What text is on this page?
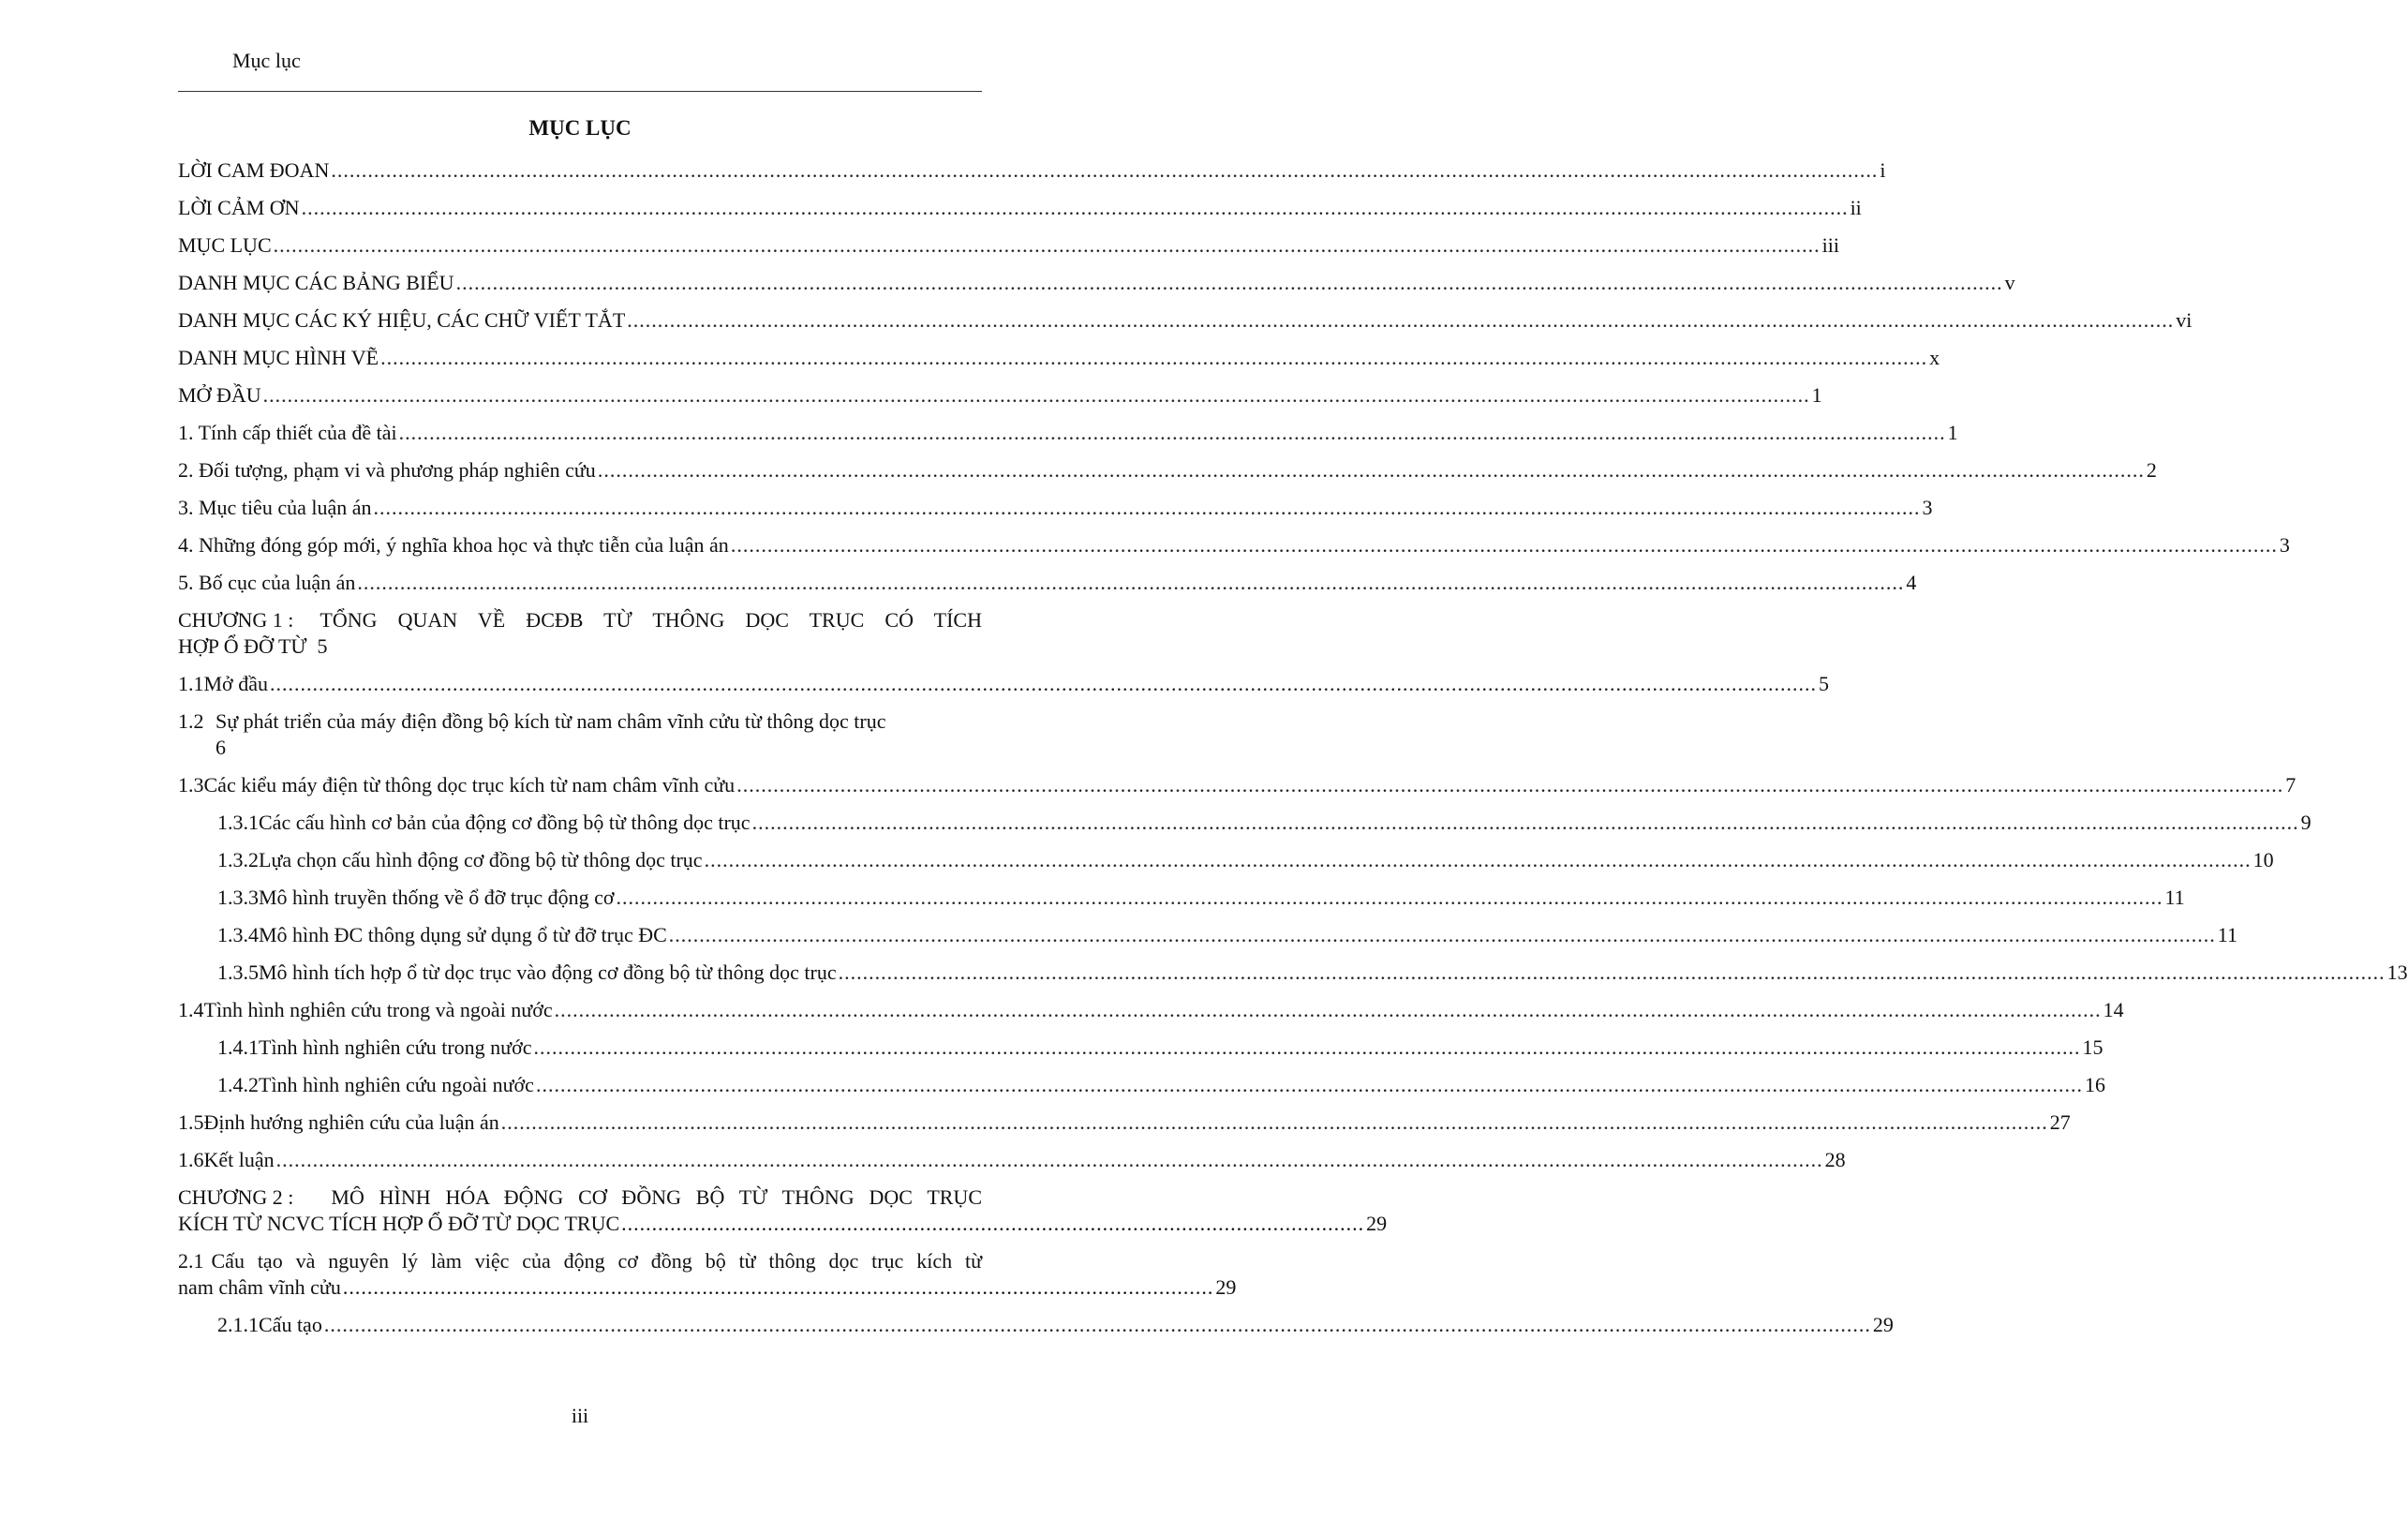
Mục lục
MỤC LỤC
LỜI CAM ĐOAN .....	i
LỜI CẢM ƠN .....	ii
MỤC LỤC .....	iii
DANH MỤC CÁC BẢNG BIỂU .....	v
DANH MỤC CÁC KÝ HIỆU, CÁC CHỮ VIẾT TẮT .....	vi
DANH MỤC HÌNH VẼ .....	x
MỞ ĐẦU .....	1
1. Tính cấp thiết của đề tài .....	1
2. Đối tượng, phạm vi và phương pháp nghiên cứu .....	2
3. Mục tiêu của luận án .....	3
4. Những đóng góp mới, ý nghĩa khoa học và thực tiễn của luận án .....	3
5. Bố cục của luận án .....	4
CHƯƠNG 1 : TỔNG QUAN VỀ ĐCĐB TỪ THÔNG DỌC TRỤC CÓ TÍCH
HỢP Ổ ĐỠ TỪ 5
1.1 Mở đầu .....	5
1.2 Sự phát triển của máy điện đồng bộ kích từ nam châm vĩnh cửu từ thông dọc trục
6
1.3 Các kiểu máy điện từ thông dọc trục kích từ nam châm vĩnh cửu .....	7
1.3.1 Các cấu hình cơ bản của động cơ đồng bộ từ thông dọc trục .....	9
1.3.2 Lựa chọn cấu hình động cơ đồng bộ từ thông dọc trục .....	10
1.3.3 Mô hình truyền thống về ổ đỡ trục động cơ .....	11
1.3.4 Mô hình ĐC thông dụng sử dụng ổ từ đỡ trục ĐC .....	11
1.3.5 Mô hình tích hợp ổ từ dọc trục vào động cơ đồng bộ từ thông dọc trục .....	13
1.4 Tình hình nghiên cứu trong và ngoài nước .....	14
1.4.1 Tình hình nghiên cứu trong nước .....	15
1.4.2 Tình hình nghiên cứu ngoài nước .....	16
1.5 Định hướng nghiên cứu của luận án .....	27
1.6 Kết luận .....	28
CHƯƠNG 2 : MÔ HÌNH HÓA ĐỘNG CƠ ĐỒNG BỘ TỪ THÔNG DỌC TRỤC
KÍCH TỪ NCVC TÍCH HỢP Ổ ĐỠ TỪ DỌC TRỤC .......................................................................................................................... 29
2.1 Cấu tạo và nguyên lý làm việc của động cơ đồng bộ từ thông dọc trục kích từ
nam châm vĩnh cửu ............................................................................................................................................... 29
2.1.1 Cấu tạo .....	29
iii
